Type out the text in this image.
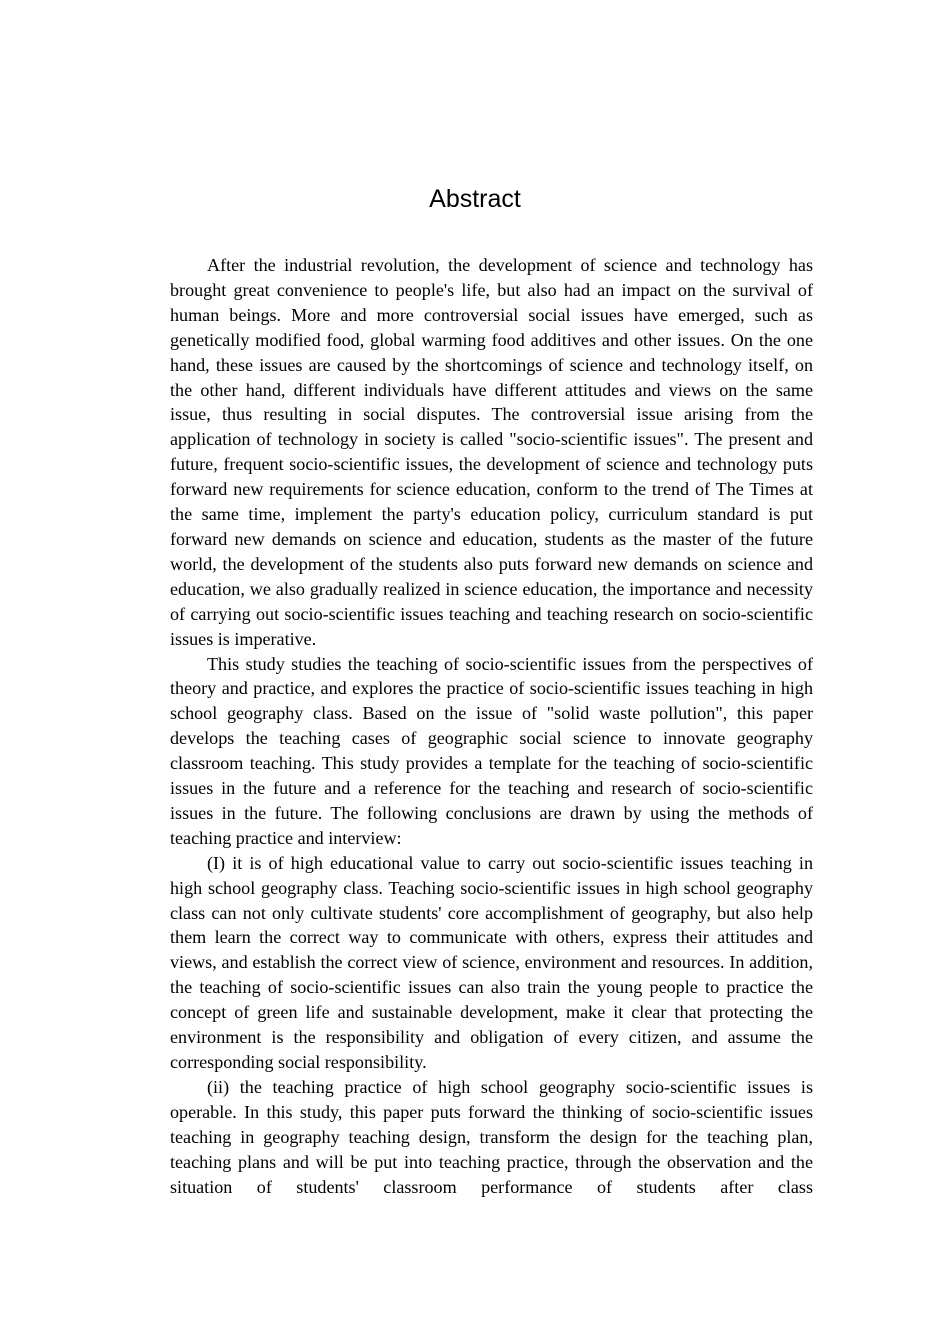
Abstract

After the industrial revolution, the development of science and technology has brought great convenience to people's life, but also had an impact on the survival of human beings. More and more controversial social issues have emerged, such as genetically modified food, global warming food additives and other issues. On the one hand, these issues are caused by the shortcomings of science and technology itself, on the other hand, different individuals have different attitudes and views on the same issue, thus resulting in social disputes. The controversial issue arising from the application of technology in society is called "socio-scientific issues". The present and future, frequent socio-scientific issues, the development of science and technology puts forward new requirements for science education, conform to the trend of The Times at the same time, implement the party's education policy, curriculum standard is put forward new demands on science and education, students as the master of the future world, the development of the students also puts forward new demands on science and education, we also gradually realized in science education, the importance and necessity of carrying out socio-scientific issues teaching and teaching research on socio-scientific issues is imperative.

This study studies the teaching of socio-scientific issues from the perspectives of theory and practice, and explores the practice of socio-scientific issues teaching in high school geography class. Based on the issue of "solid waste pollution", this paper develops the teaching cases of geographic social science to innovate geography classroom teaching. This study provides a template for the teaching of socio-scientific issues in the future and a reference for the teaching and research of socio-scientific issues in the future. The following conclusions are drawn by using the methods of teaching practice and interview:

(I) it is of high educational value to carry out socio-scientific issues teaching in high school geography class. Teaching socio-scientific issues in high school geography class can not only cultivate students' core accomplishment of geography, but also help them learn the correct way to communicate with others, express their attitudes and views, and establish the correct view of science, environment and resources. In addition, the teaching of socio-scientific issues can also train the young people to practice the concept of green life and sustainable development, make it clear that protecting the environment is the responsibility and obligation of every citizen, and assume the corresponding social responsibility.

(ii) the teaching practice of high school geography socio-scientific issues is operable. In this study, this paper puts forward the thinking of socio-scientific issues teaching in geography teaching design, transform the design for the teaching plan, teaching plans and will be put into teaching practice, through the observation and the situation of students' classroom performance of students after class
